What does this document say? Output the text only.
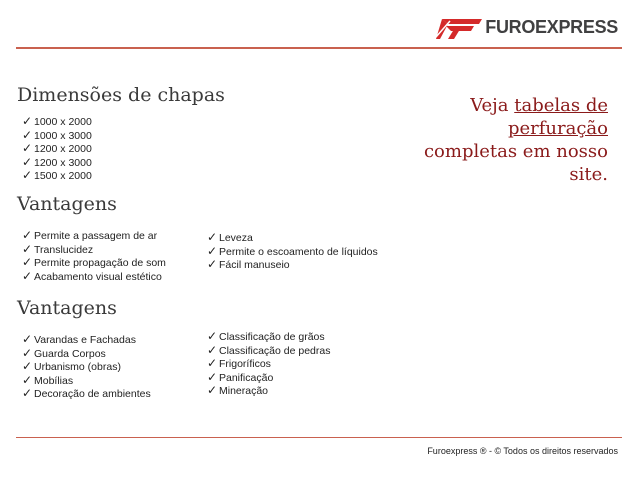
FUROEXPRESS
Dimensões de chapas
✓ 1000 x 2000
✓ 1000 x 3000
✓ 1200 x 2000
✓ 1200 x 3000
✓ 1500 x 2000
Veja tabelas de
perfuração
completas em nosso site.
Vantagens
✓ Permite a passagem de ar
✓ Translucidez
✓ Permite propagação de som
✓ Acabamento visual estético
✓ Leveza
✓ Permite o escoamento de líquidos
✓ Fácil manuseio
Vantagens
✓ Varandas e Fachadas
✓ Guarda Corpos
✓ Urbanismo (obras)
✓ Mobílias
✓ Decoração de ambientes
✓ Classificação de grãos
✓ Classificação de pedras
✓ Frigoríficos
✓ Panificação
✓ Mineração
Furoexpress ® - © Todos os direitos reservados
